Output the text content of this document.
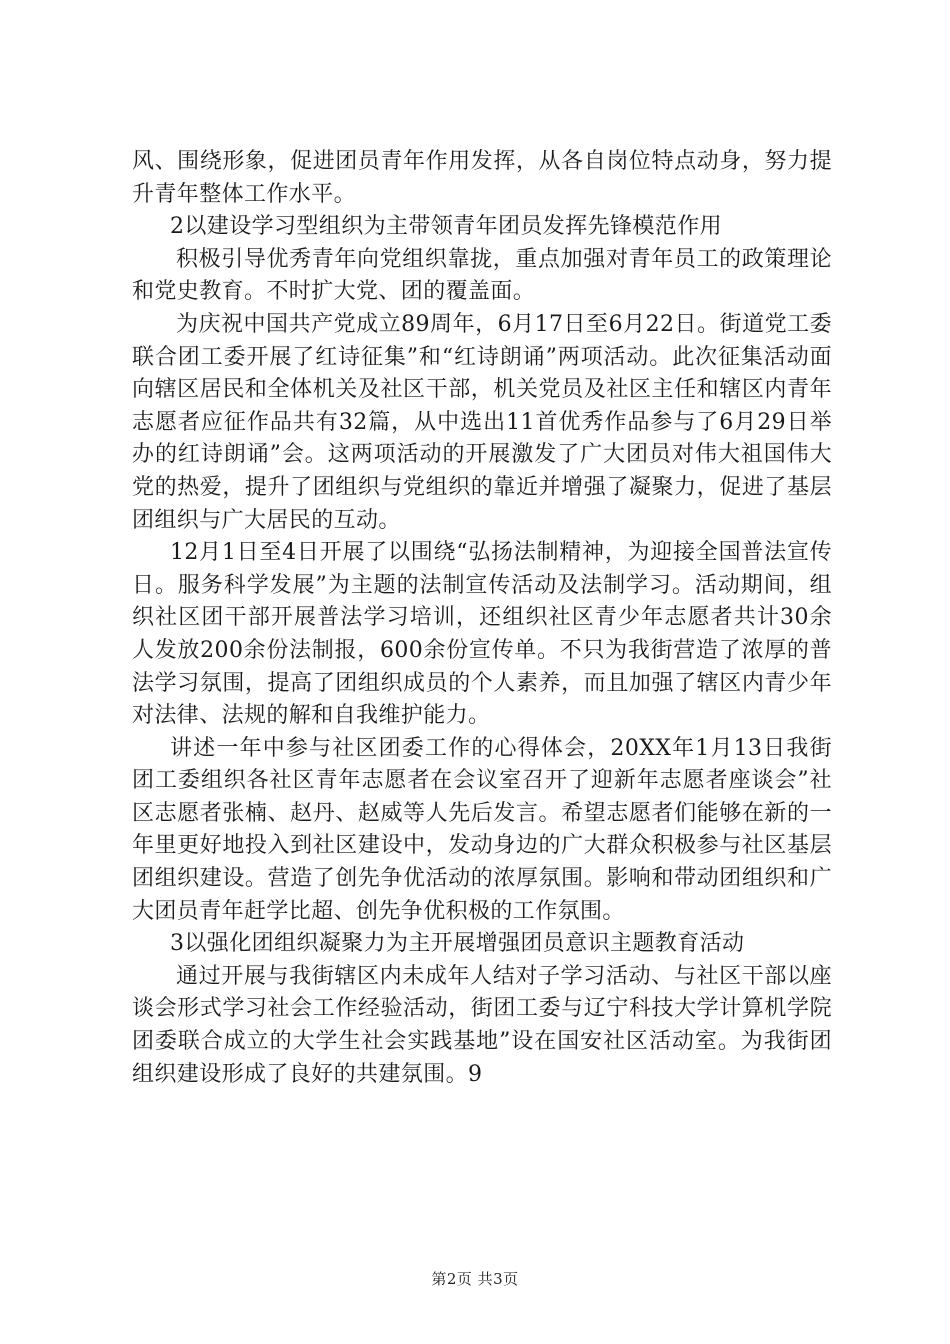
风、围绕形象，促进团员青年作用发挥，从各自岗位特点动身，努力提升青年整体工作水平。

2以建设学习型组织为主带领青年团员发挥先锋模范作用

积极引导优秀青年向党组织靠拢，重点加强对青年员工的政策理论和党史教育。不时扩大党、团的覆盖面。

为庆祝中国共产党成立89周年，6月17日至6月22日。街道党工委联合团工委开展了红诗征集”和“红诗朗诵”两项活动。此次征集活动面向辖区居民和全体机关及社区干部，机关党员及社区主任和辖区内青年志愿者应征作品共有32篇，从中选出11首优秀作品参与了6月29日举办的红诗朗诵”会。这两项活动的开展激发了广大团员对伟大祖国伟大党的热爱，提升了团组织与党组织的靠近并增强了凝聚力，促进了基层团组织与广大居民的互动。

12月1日至4日开展了以围绕“弘扬法制精神，为迎接全国普法宣传日。服务科学发展”为主题的法制宣传活动及法制学习。活动期间，组织社区团干部开展普法学习培训，还组织社区青少年志愿者共计30余人发放200余份法制报，600余份宣传单。不只为我街营造了浓厚的普法学习氛围，提高了团组织成员的个人素养，而且加强了辖区内青少年对法律、法规的解和自我维护能力。

讲述一年中参与社区团委工作的心得体会，20XX年1月13日我街团工委组织各社区青年志愿者在会议室召开了迎新年志愿者座谈会”社区志愿者张楠、赵丹、赵威等人先后发言。希望志愿者们能够在新的一年里更好地投入到社区建设中，发动身边的广大群众积极参与社区基层团组织建设。营造了创先争优活动的浓厚氛围。影响和带动团组织和广大团员青年赶学比超、创先争优积极的工作氛围。

3以强化团组织凝聚力为主开展增强团员意识主题教育活动

通过开展与我街辖区内未成年人结对子学习活动、与社区干部以座谈会形式学习社会工作经验活动，街团工委与辽宁科技大学计算机学院团委联合成立的大学生社会实践基地”设在国安社区活动室。为我街团组织建设形成了良好的共建氛围。9

第2页 共3页
